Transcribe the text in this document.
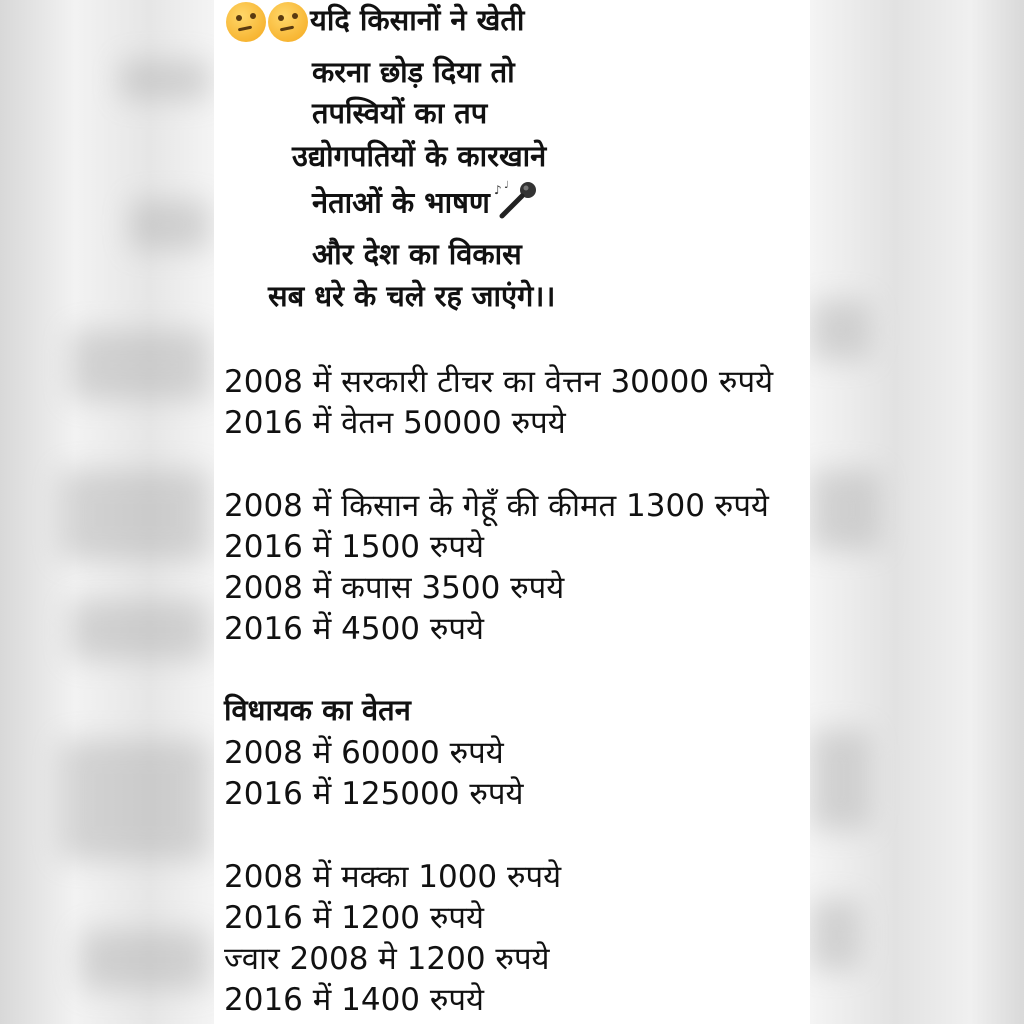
यदि किसानों ने खेती
करना छोड़ दिया तो
तपस्वियों का तप
उद्योगपतियों के कारखाने
नेताओं के भाषण ♪ ♩
और देश का विकास
सब धरे के चले रह जाएंगे।।
2008 में सरकारी टीचर का वेत्तन 30000 रुपये
2016 में वेतन 50000 रुपये
2008 में किसान के गेहूँ की कीमत 1300 रुपये
2016 में 1500 रुपये
2008 में कपास 3500 रुपये
2016 में 4500 रुपये
विधायक का वेतन
2008 में 60000 रुपये
2016 में 125000 रुपये
2008 में मक्का 1000 रुपये
2016 में 1200 रुपये
ज्वार 2008 मे 1200 रुपये
2016 में 1400 रुपये
